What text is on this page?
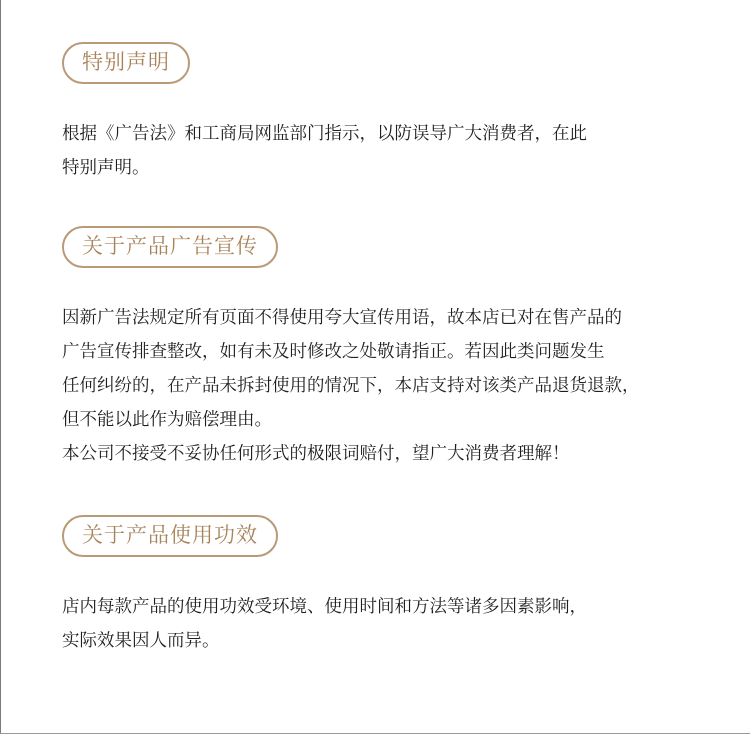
特别声明
根据《广告法》和工商局网监部门指示，以防误导广大消费者，在此
特别声明。
关于产品广告宣传
因新广告法规定所有页面不得使用夸大宣传用语，故本店已对在售产品的
广告宣传排查整改，如有未及时修改之处敬请指正。若因此类问题发生
任何纠纷的，在产品未拆封使用的情况下，本店支持对该类产品退货退款，
但不能以此作为赔偿理由。
本公司不接受不妥协任何形式的极限词赔付，望广大消费者理解！
关于产品使用功效
店内每款产品的使用功效受环境、使用时间和方法等诸多因素影响，
实际效果因人而异。
